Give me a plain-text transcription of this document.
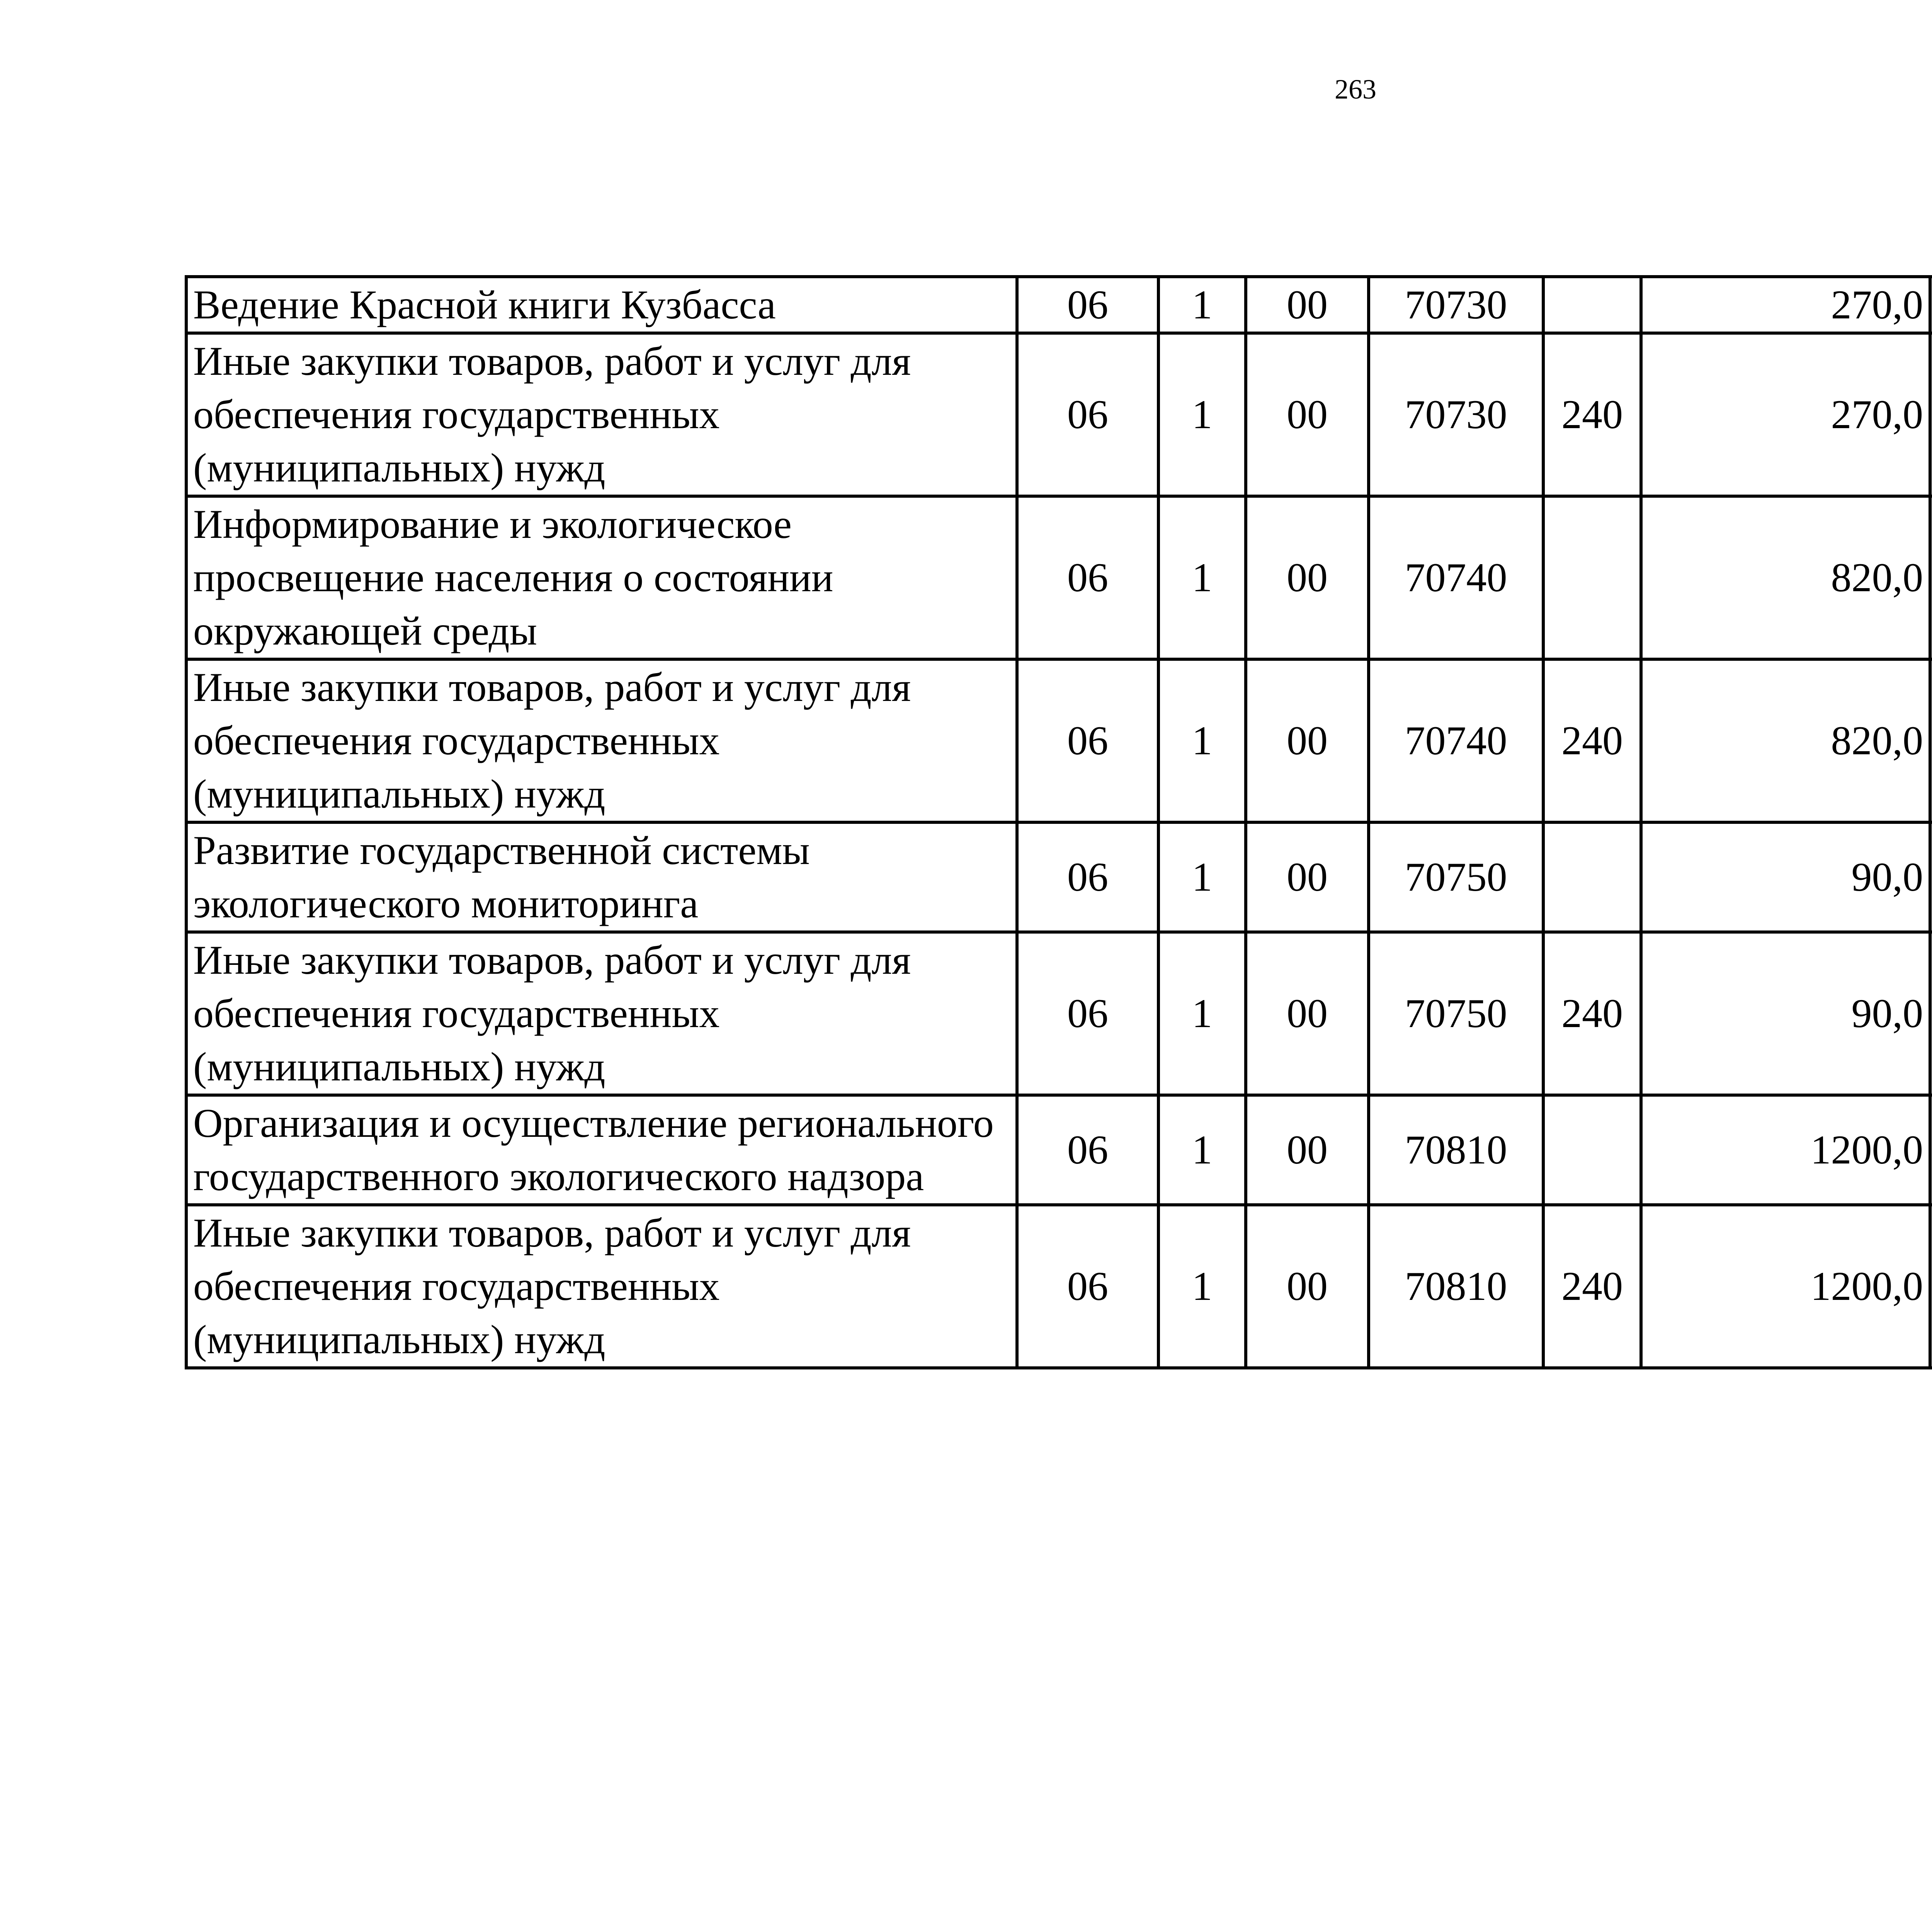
263
Ведение Красной книги Кузбасса	06	1	00	70730		270,0		
Иные закупки товаров, работ и услуг для обеспечения государственных (муниципальных) нужд	06	1	00	70730	240	270,0		
Информирование и экологическое просвещение населения о состоянии окружающей среды	06	1	00	70740		820,0		
Иные закупки товаров, работ и услуг для обеспечения государственных (муниципальных) нужд	06	1	00	70740	240	820,0		
Развитие государственной системы экологического мониторинга	06	1	00	70750		90,0		
Иные закупки товаров, работ и услуг для обеспечения государственных (муниципальных) нужд	06	1	00	70750	240	90,0		
Организация и осуществление регионального государственного экологического надзора	06	1	00	70810		1200,0		
Иные закупки товаров, работ и услуг для обеспечения государственных (муниципальных) нужд	06	1	00	70810	240	1200,0		
